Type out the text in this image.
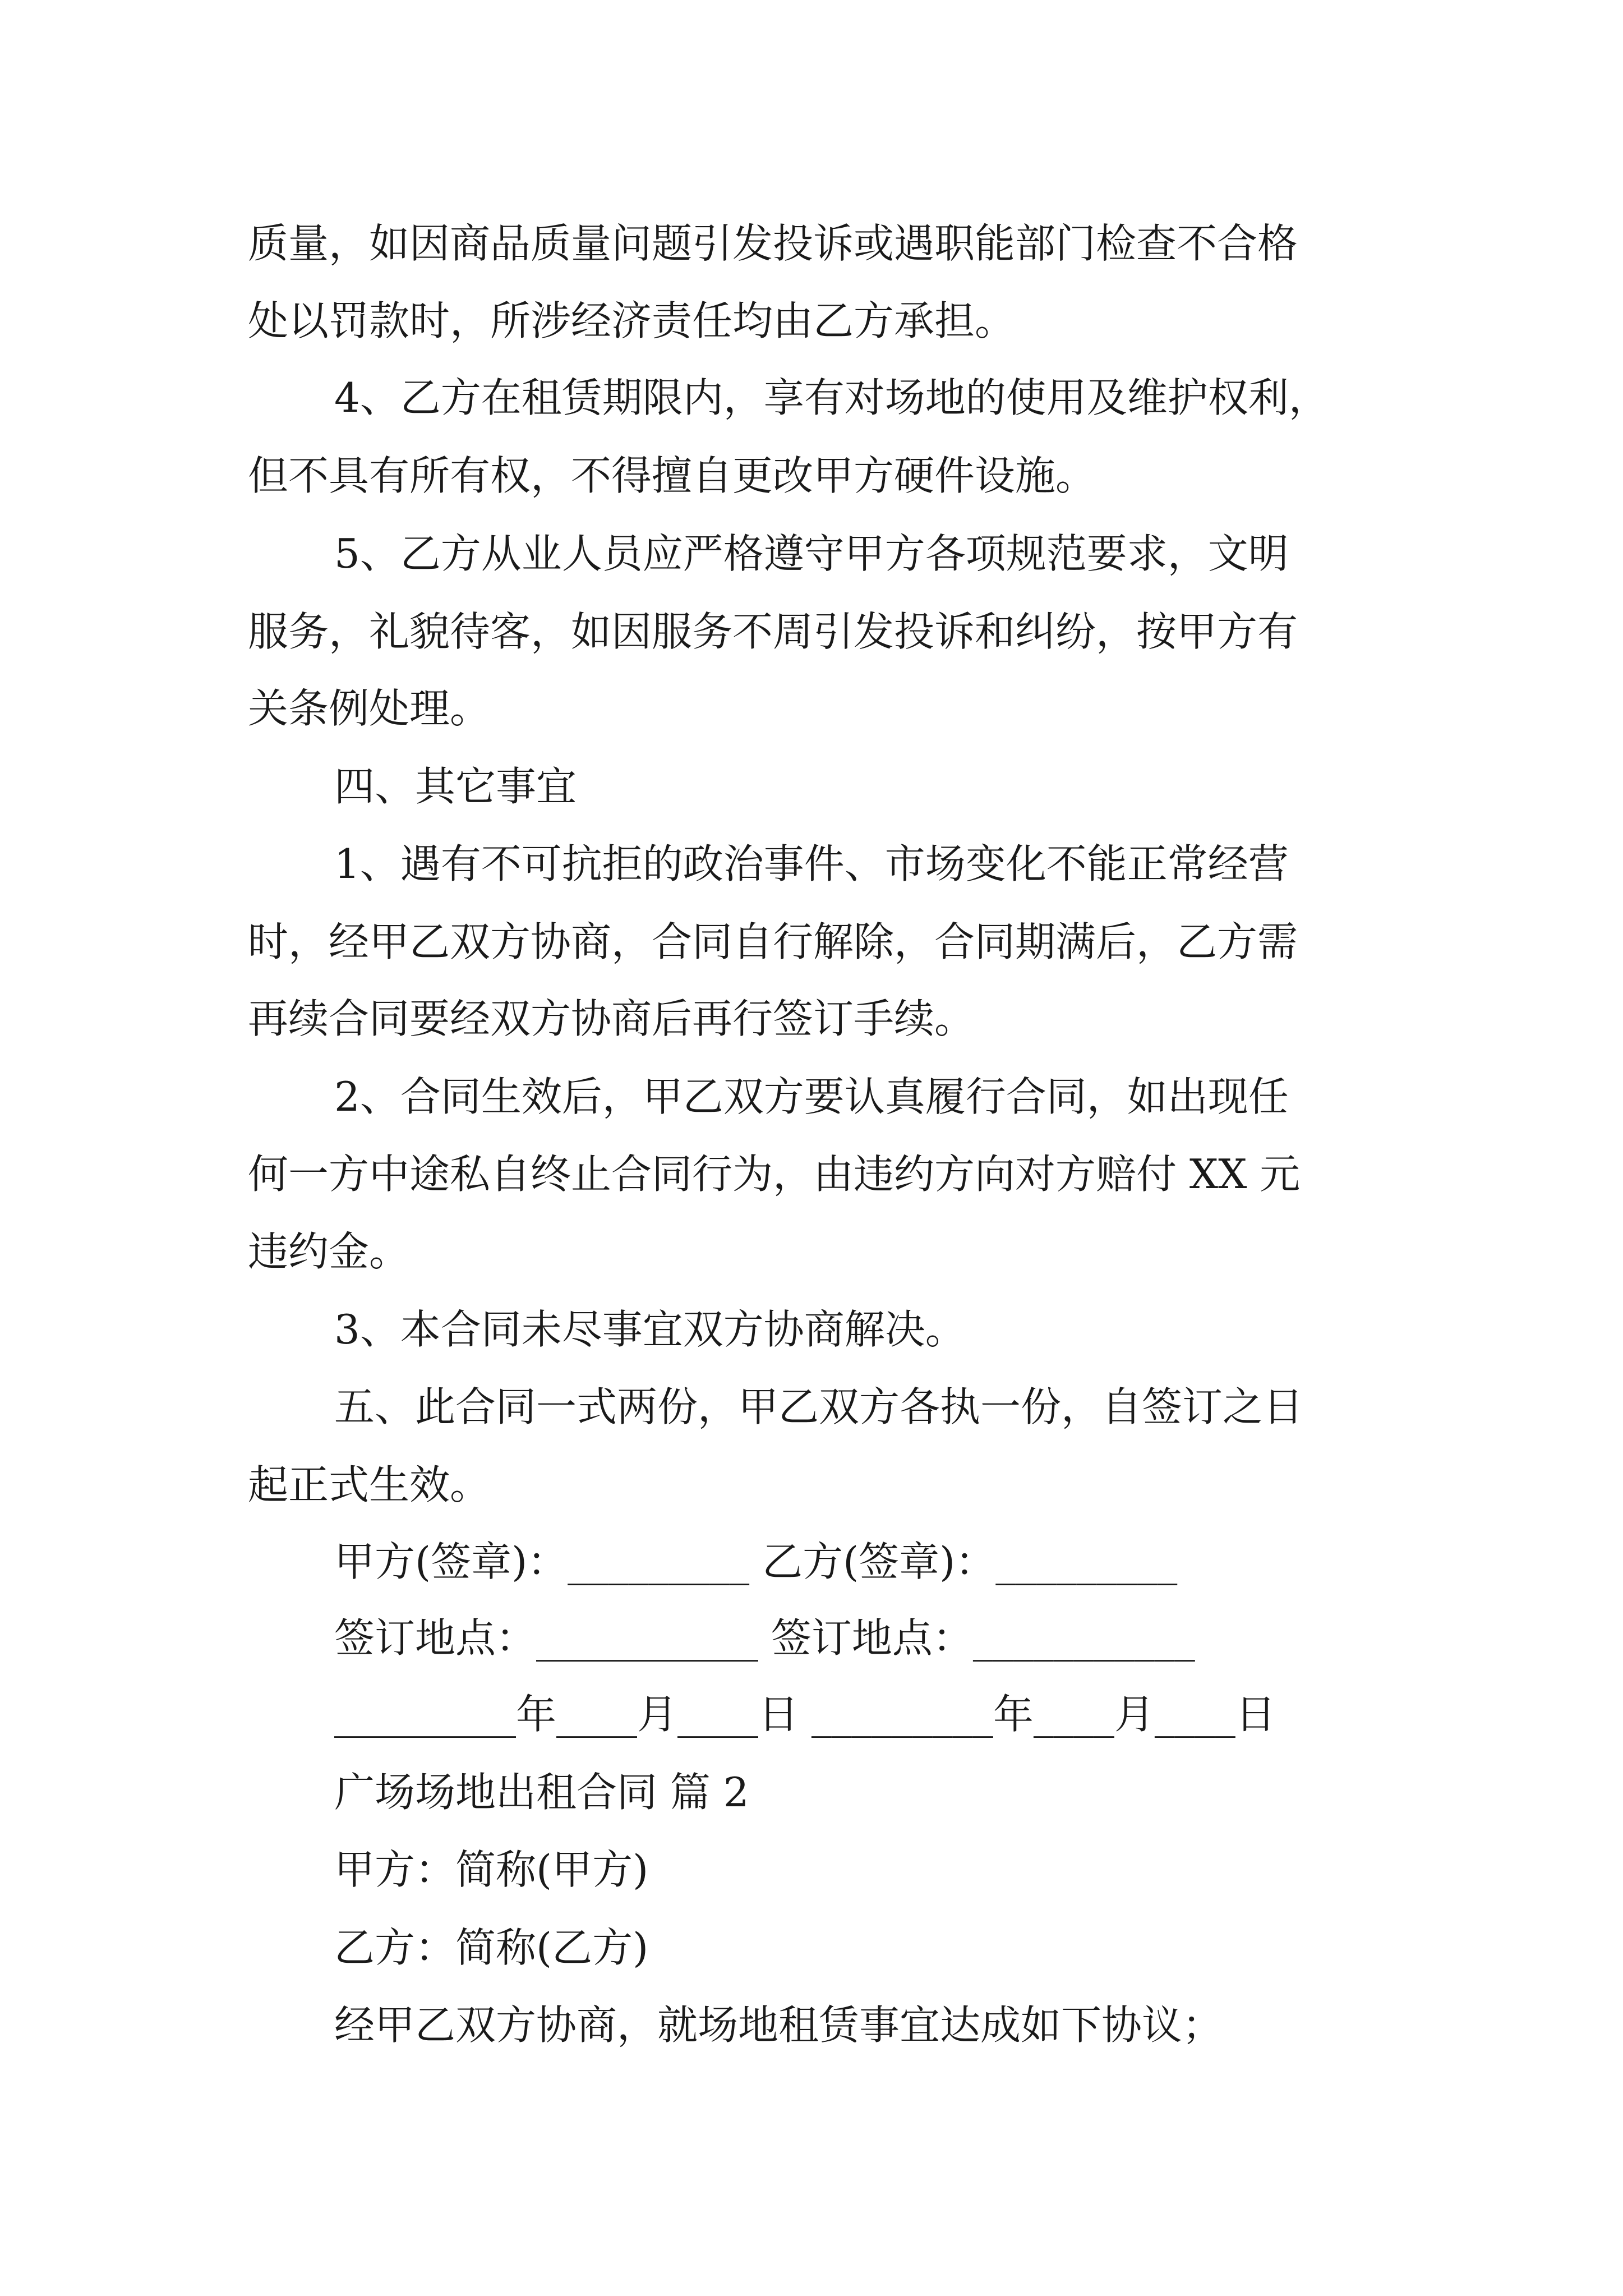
质量，如因商品质量问题引发投诉或遇职能部门检查不合格
处以罚款时，所涉经济责任均由乙方承担。
4、乙方在租赁期限内，享有对场地的使用及维护权利，
但不具有所有权，不得擅自更改甲方硬件设施。
5、乙方从业人员应严格遵守甲方各项规范要求，文明
服务，礼貌待客，如因服务不周引发投诉和纠纷，按甲方有
关条例处理。
四、其它事宜
1、遇有不可抗拒的政治事件、市场变化不能正常经营
时，经甲乙双方协商，合同自行解除，合同期满后，乙方需
再续合同要经双方协商后再行签订手续。
2、合同生效后，甲乙双方要认真履行合同，如出现任
何一方中途私自终止合同行为，由违约方向对方赔付 XX 元
违约金。
3、本合同未尽事宜双方协商解决。
五、此合同一式两份，甲乙双方各执一份，自签订之日
起正式生效。
甲方(签章)：_________ 乙方(签章)：_________
签订地点：___________ 签订地点：___________
_________年____月____日 _________年____月____日
广场场地出租合同 篇 2
甲方：简称(甲方)
乙方：简称(乙方)
经甲乙双方协商，就场地租赁事宜达成如下协议；
